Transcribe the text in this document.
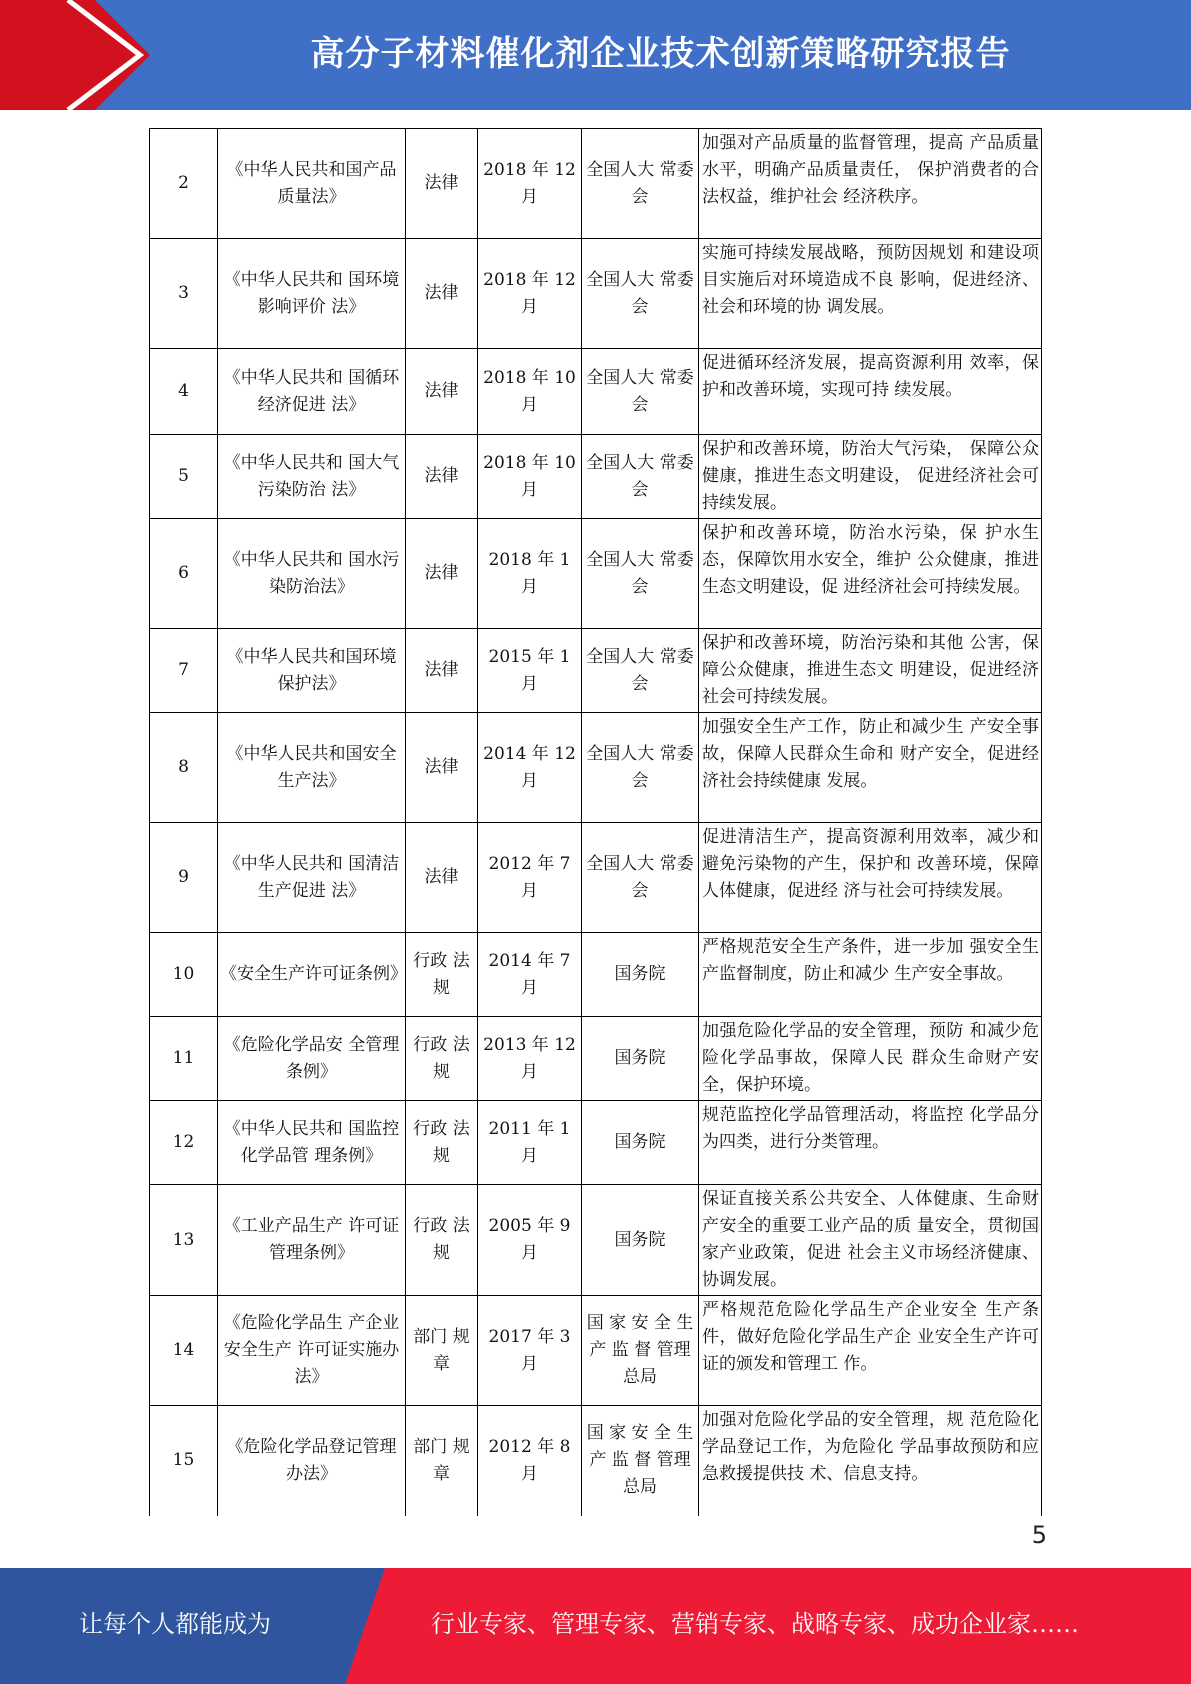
高分子材料催化剂企业技术创新策略研究报告
2	《中华人民共和国产品质量法》	法律	2018 年 12 月	全国人大 常委会	加强对产品质量的监督管理，提高 产品质量水平，明确产品质量责任， 保护消费者的合法权益，维护社会 经济秩序。
3	《中华人民共和 国环境影响评价 法》	法律	2018 年 12 月	全国人大 常委会	实施可持续发展战略，预防因规划 和建设项目实施后对环境造成不良 影响，促进经济、社会和环境的协 调发展。
4	《中华人民共和 国循环经济促进 法》	法律	2018 年 10 月	全国人大 常委会	促进循环经济发展，提高资源利用 效率，保护和改善环境，实现可持 续发展。
5	《中华人民共和 国大气污染防治 法》	法律	2018 年 10 月	全国人大 常委会	保护和改善环境，防治大气污染， 保障公众健康，推进生态文明建设， 促进经济社会可持续发展。
6	《中华人民共和 国水污染防治法》	法律	2018 年 1 月	全国人大 常委会	保护和改善环境，防治水污染，保 护水生态，保障饮用水安全，维护 公众健康，推进生态文明建设，促 进经济社会可持续发展。
7	《中华人民共和国环境保护法》	法律	2015 年 1 月	全国人大 常委会	保护和改善环境，防治污染和其他 公害，保障公众健康，推进生态文 明建设，促进经济社会可持续发展。
8	《中华人民共和国安全生产法》	法律	2014 年 12 月	全国人大 常委会	加强安全生产工作，防止和减少生 产安全事故，保障人民群众生命和 财产安全，促进经济社会持续健康 发展。
9	《中华人民共和 国清洁生产促进 法》	法律	2012 年 7 月	全国人大 常委会	促进清洁生产，提高资源利用效率，减少和避免污染物的产生，保护和 改善环境，保障人体健康，促进经 济与社会可持续发展。
10	《安全生产许可证条例》	行政 法规	2014 年 7 月	国务院	严格规范安全生产条件，进一步加 强安全生产监督制度，防止和减少 生产安全事故。
11	《危险化学品安 全管理条例》	行政 法规	2013 年 12 月	国务院	加强危险化学品的安全管理，预防 和减少危险化学品事故，保障人民 群众生命财产安全，保护环境。
12	《中华人民共和 国监控化学品管 理条例》	行政 法规	2011 年 1 月	国务院	规范监控化学品管理活动，将监控 化学品分为四类，进行分类管理。
13	《工业产品生产 许可证管理条例》	行政 法规	2005 年 9 月	国务院	保证直接关系公共安全、人体健康、生命财产安全的重要工业产品的质 量安全，贯彻国家产业政策，促进 社会主义市场经济健康、协调发展。
14	《危险化学品生 产企业安全生产 许可证实施办法》	部门 规章	2017 年 3 月	国 家 安 全 生 产 监 督 管理总局	严格规范危险化学品生产企业安全 生产条件，做好危险化学品生产企 业安全生产许可证的颁发和管理工 作。
15	《危险化学品登记管理办法》	部门 规章	2012 年 8 月	国 家 安 全 生 产 监 督 管理总局	加强对危险化学品的安全管理，规 范危险化学品登记工作，为危险化 学品事故预防和应急救援提供技 术、信息支持。
5
让每个人都能成为	行业专家、管理专家、营销专家、战略专家、成功企业家……
